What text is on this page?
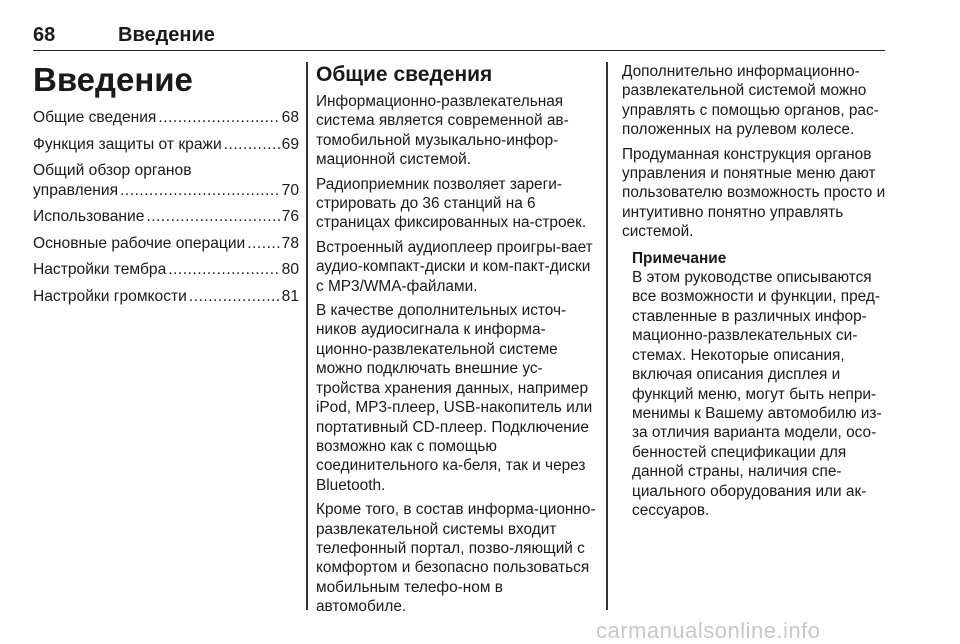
68	Введение
Введение
Общие сведения .....	68
Функция защиты от кражи .....	69
Общий обзор органов
управления .....	70
Использование .....	76
Основные рабочие операции ..... 78
Настройки тембра .....	80
Настройки громкости .....	81
Общие сведения

Информационно-развлекательная система является современной ав-томобильной музыкально-инфор-мационной системой.

Радиоприемник позволяет зареги-стрировать до 36 станций на 6 страницах фиксированных на-строек.

Встроенный аудиоплеер проигры-вает аудио-компакт-диски и ком-пакт-диски с MP3/WMA-файлами.

В качестве дополнительных источ-ников аудиосигнала к информа-ционно-развлекательной системе можно подключать внешние ус-тройства хранения данных, например iPod, MP3-плеер, USB-накопитель или портативный CD-плеер. Подключение возможно как с помощью соединительного ка-беля, так и через Bluetooth.

Кроме того, в состав информа-ционно-развлекательной системы входит телефонный портал, позво-ляющий с комфортом и безопасно пользоваться мобильным телефо-ном в автомобиле.

Дополнительно информационно-развлекательной системой можно управлять с помощью органов, рас-положенных на рулевом колесе.

Продуманная конструкция органов управления и понятные меню дают пользователю возможность просто и интуитивно понятно управлять системой.

Примечание

В этом руководстве описываются все возможности и функции, пред-ставленные в различных инфор-мационно-развлекательных си-стемах. Некоторые описания, включая описания дисплея и функций меню, могут быть непри-менимы к Вашему автомобилю из-за отличия варианта модели, осо-бенностей спецификации для данной страны, наличия спе-циального оборудования или ак-сессуаров.

carmanualsonline.info
